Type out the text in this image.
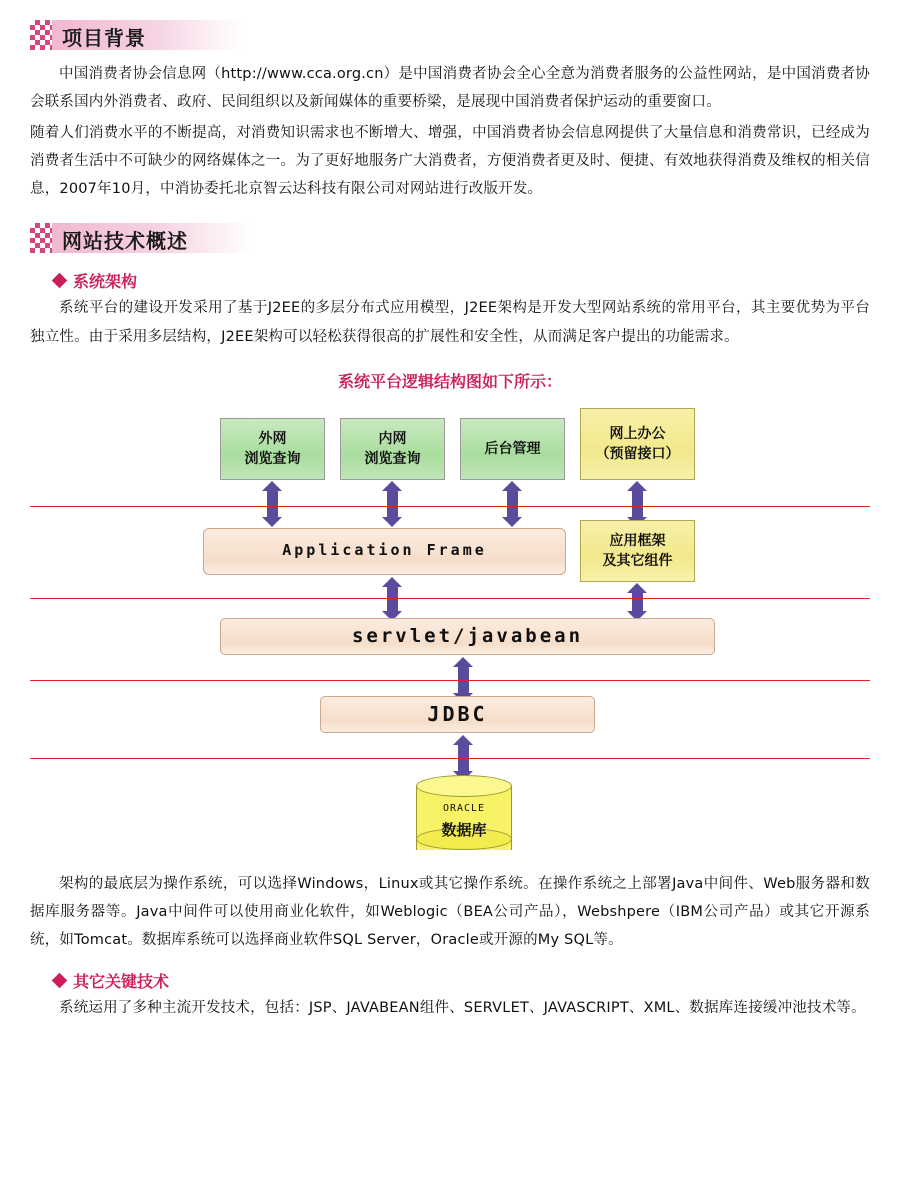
项目背景

中国消费者协会信息网（http://www.cca.org.cn）是中国消费者协会全心全意为消费者服务的公益性网站，是中国消费者协会联系国内外消费者、政府、民间组织以及新闻媒体的重要桥梁，是展现中国消费者保护运动的重要窗口。

随着人们消费水平的不断提高，对消费知识需求也不断增大、增强，中国消费者协会信息网提供了大量信息和消费常识，已经成为消费者生活中不可缺少的网络媒体之一。为了更好地服务广大消费者，方便消费者更及时、便捷、有效地获得消费及维权的相关信息，2007年10月，中消协委托北京智云达科技有限公司对网站进行改版开发。

网站技术概述
系统架构

系统平台的建设开发采用了基于J2EE的多层分布式应用模型，J2EE架构是开发大型网站系统的常用平台，其主要优势为平台独立性。由于采用多层结构，J2EE架构可以轻松获得很高的扩展性和安全性，从而满足客户提出的功能需求。

系统平台逻辑结构图如下所示：
外网
浏览查询
内网
浏览查询
后台管理
网上办公
（预留接口）
Application Frame
应用框架
及其它组件
servlet/javabean
JDBC
ORACLE
数据库

架构的最底层为操作系统，可以选择Windows，Linux或其它操作系统。在操作系统之上部署Java中间件、Web服务器和数据库服务器等。Java中间件可以使用商业化软件，如Weblogic（BEA公司产品），Webshpere（IBM公司产品）或其它开源系统，如Tomcat。数据库系统可以选择商业软件SQL Server，Oracle或开源的My SQL等。

其它关键技术

系统运用了多种主流开发技术，包括：JSP、JAVABEAN组件、SERVLET、JAVASCRIPT、XML、数据库连接缓冲池技术等。
